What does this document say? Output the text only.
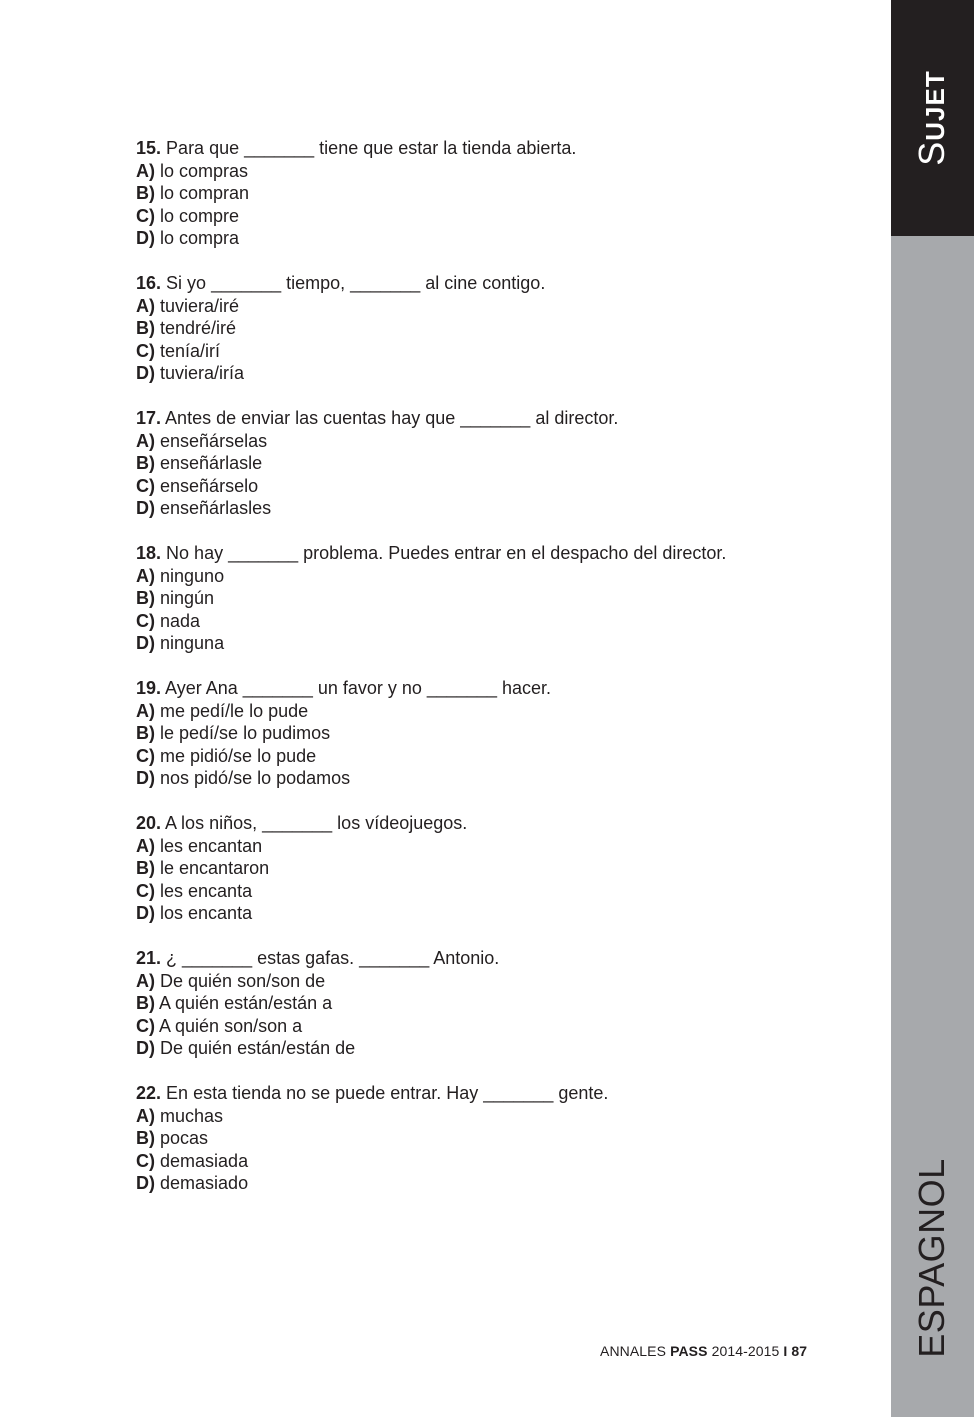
SUJET
ESPAGNOL
15. Para que _______ tiene que estar la tienda abierta.
A) lo compras
B) lo compran
C) lo compre
D) lo compra
16. Si yo _______ tiempo, _______ al cine contigo.
A) tuviera/iré
B) tendré/iré
C) tenía/irí
D) tuviera/iría
17. Antes de enviar las cuentas hay que _______ al director.
A) enseñárselas
B) enseñárlasle
C) enseñárselo
D) enseñárlasles
18. No hay _______ problema. Puedes entrar en el despacho del director.
A) ninguno
B) ningún
C) nada
D) ninguna
19. Ayer Ana _______ un favor y no _______ hacer.
A) me pedí/le lo pude
B) le pedí/se lo pudimos
C) me pidió/se lo pude
D) nos pidó/se lo podamos
20. A los niños, _______ los vídeojuegos.
A) les encantan
B) le encantaron
C) les encanta
D) los encanta
21. ¿ _______ estas gafas. _______ Antonio.
A) De quién son/son de
B) A quién están/están a
C) A quién son/son a
D) De quién están/están de
22. En esta tienda no se puede entrar. Hay _______ gente.
A) muchas
B) pocas
C) demasiada
D) demasiado
ANNALES PASS 2014-2015 I 87
